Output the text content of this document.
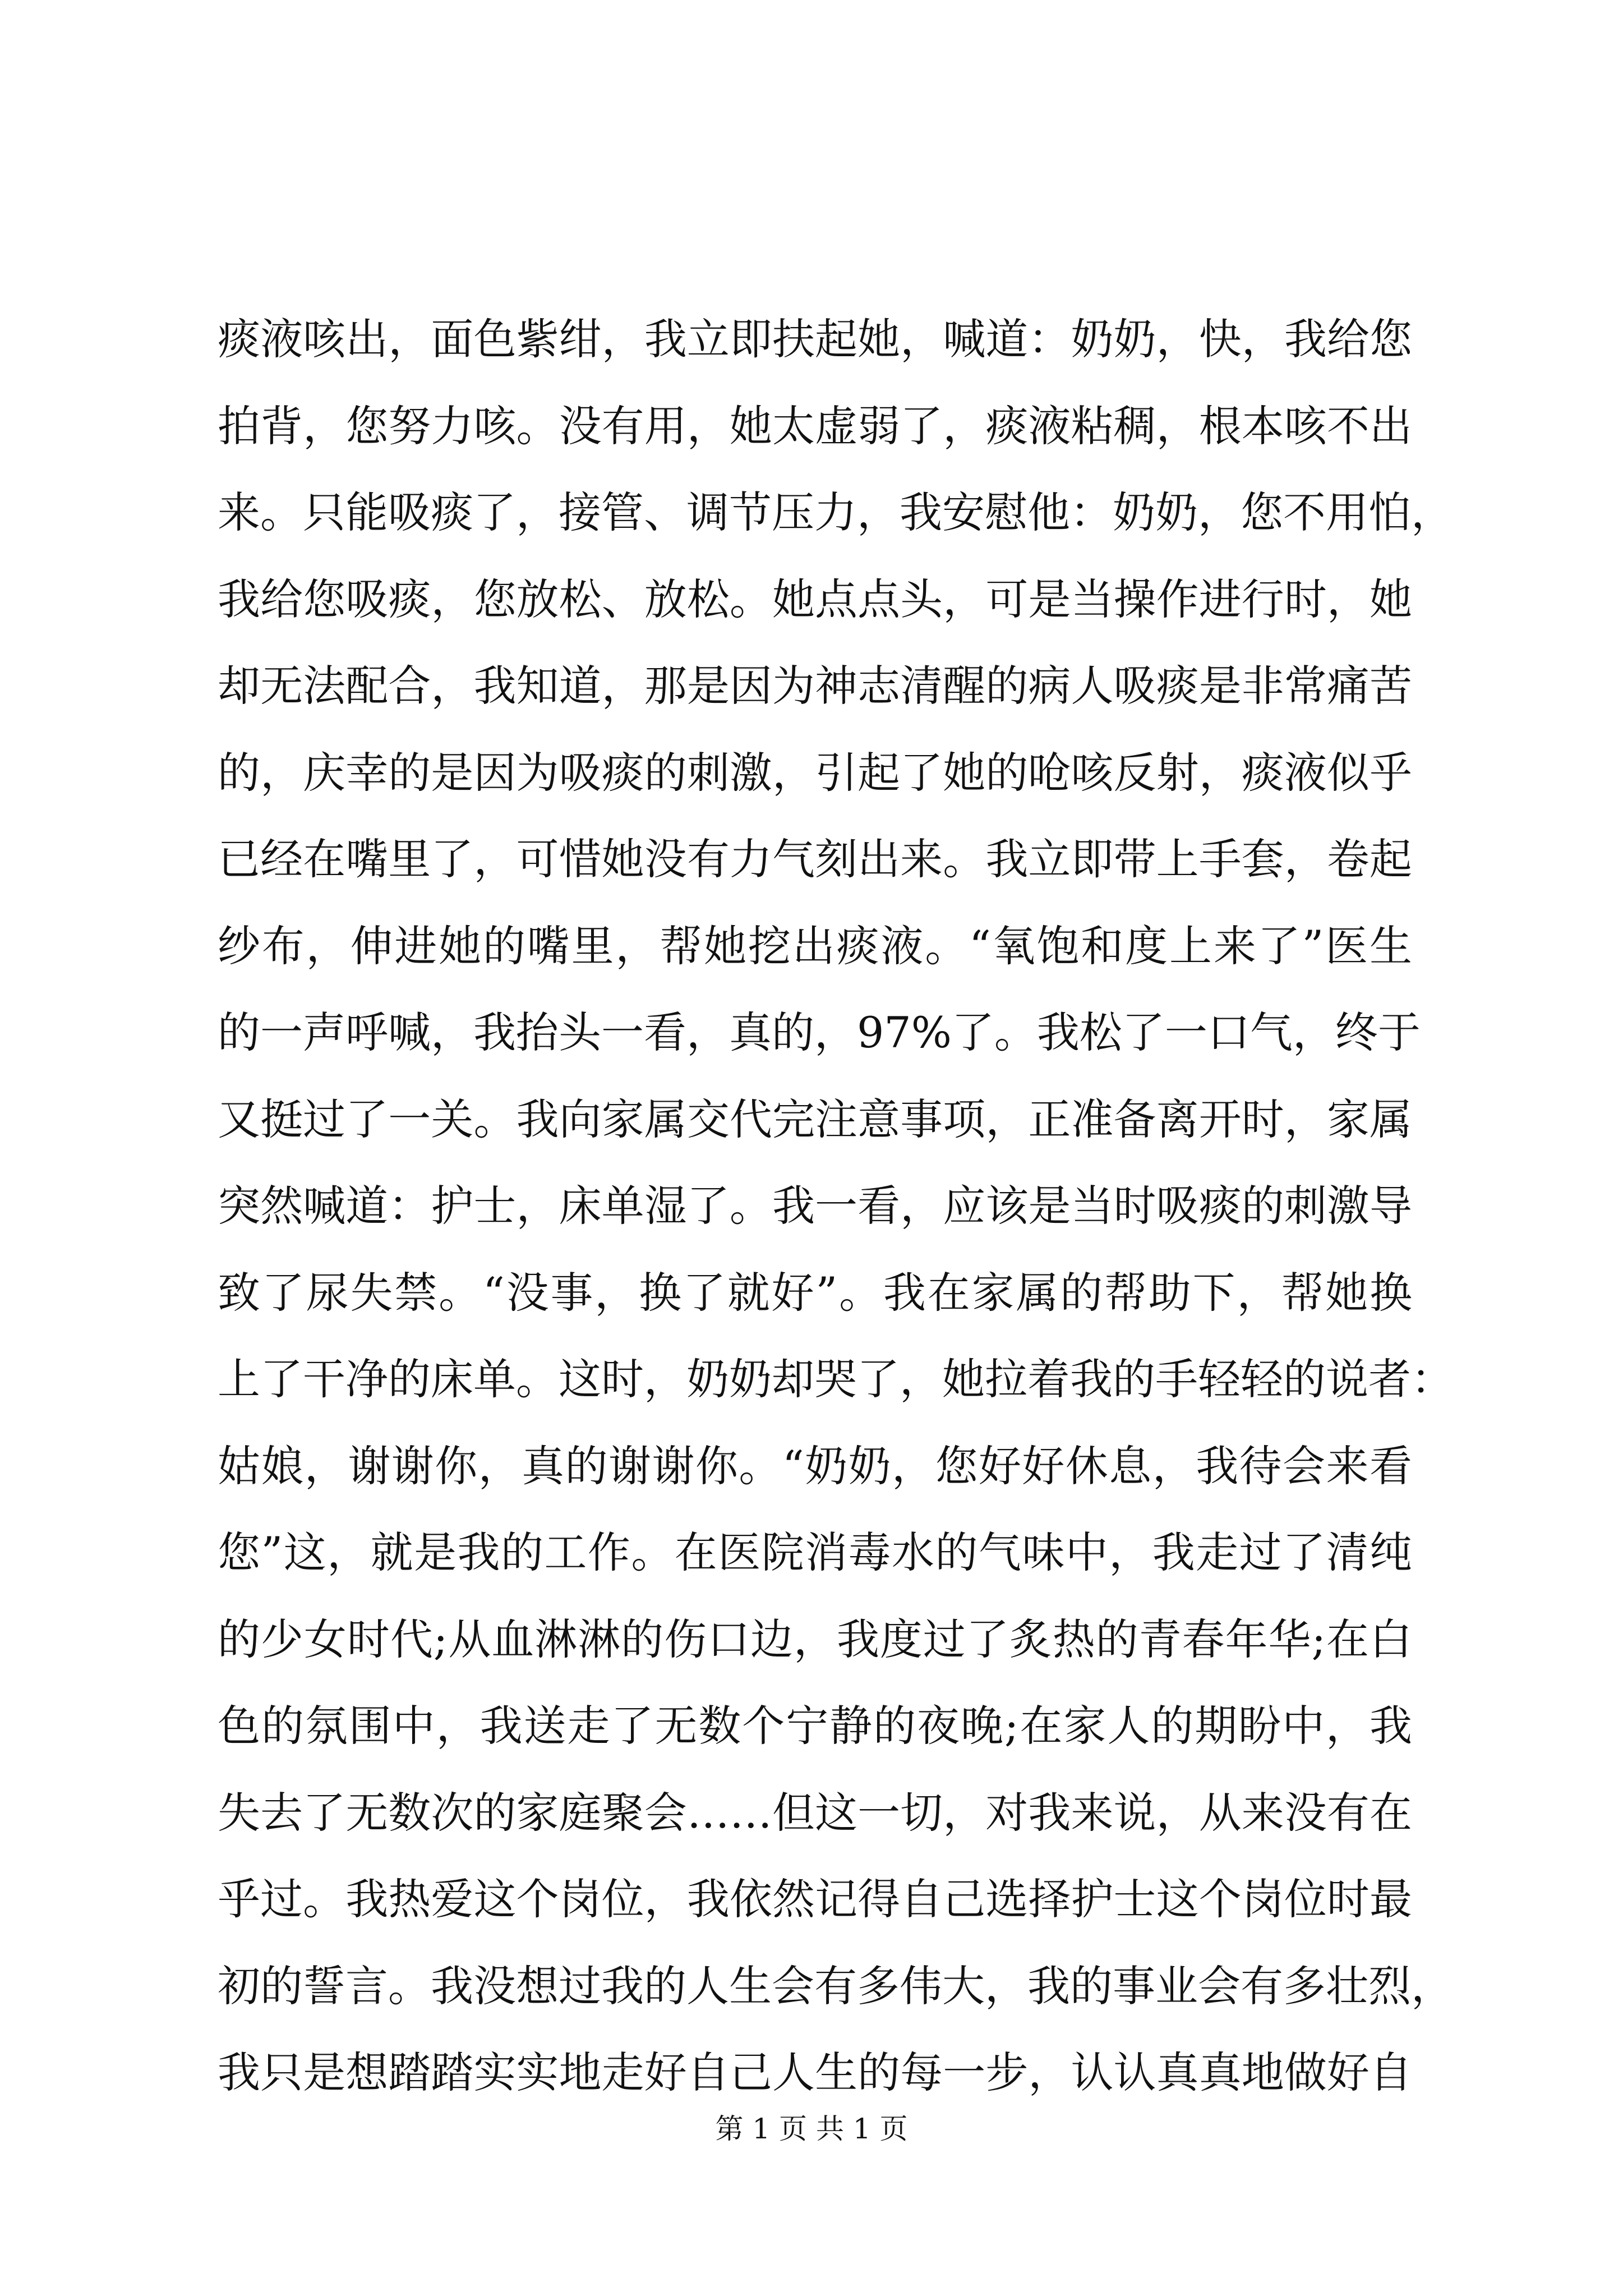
痰液咳出，面色紫绀，我立即扶起她，喊道：奶奶，快，我给您
拍背，您努力咳。没有用，她太虚弱了，痰液粘稠，根本咳不出
来。只能吸痰了，接管、调节压力，我安慰他：奶奶，您不用怕，
我给您吸痰，您放松、放松。她点点头，可是当操作进行时，她
却无法配合，我知道，那是因为神志清醒的病人吸痰是非常痛苦
的，庆幸的是因为吸痰的刺激，引起了她的呛咳反射，痰液似乎
已经在嘴里了，可惜她没有力气刻出来。我立即带上手套，卷起
纱布，伸进她的嘴里，帮她挖出痰液。“氧饱和度上来了”医生
的一声呼喊，我抬头一看，真的，97%了。我松了一口气，终于
又挺过了一关。我向家属交代完注意事项，正准备离开时，家属
突然喊道：护士，床单湿了。我一看，应该是当时吸痰的刺激导
致了尿失禁。“没事，换了就好”。我在家属的帮助下，帮她换
上了干净的床单。这时，奶奶却哭了，她拉着我的手轻轻的说者：
姑娘，谢谢你，真的谢谢你。“奶奶，您好好休息，我待会来看
您”这，就是我的工作。在医院消毒水的气味中，我走过了清纯
的少女时代;从血淋淋的伤口边，我度过了炙热的青春年华;在白
色的氛围中，我送走了无数个宁静的夜晚;在家人的期盼中，我
失去了无数次的家庭聚会……但这一切，对我来说，从来没有在
乎过。我热爱这个岗位，我依然记得自己选择护士这个岗位时最
初的誓言。我没想过我的人生会有多伟大，我的事业会有多壮烈，
我只是想踏踏实实地走好自己人生的每一步，认认真真地做好自
第 1 页 共 1 页
